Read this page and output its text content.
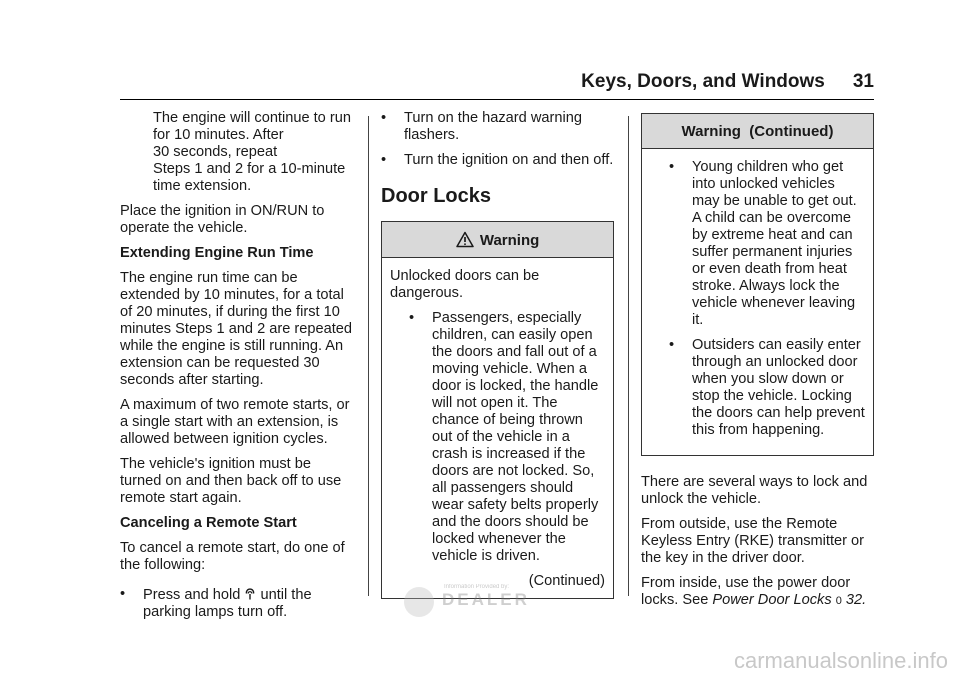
Keys, Doors, and Windows 31

The engine will continue to run
for 10 minutes. After
30 seconds, repeat
Steps 1 and 2 for a 10-minute
time extension.

Place the ignition in ON/RUN to operate the vehicle.

Extending Engine Run Time

The engine run time can be extended by 10 minutes, for a total of 20 minutes, if during the first 10 minutes Steps 1 and 2 are repeated while the engine is still running. An extension can be requested 30 seconds after starting.

A maximum of two remote starts, or a single start with an extension, is allowed between ignition cycles.

The vehicle's ignition must be turned on and then back off to use remote start again.

Canceling a Remote Start

To cancel a remote start, do one of the following:

• Press and hold until the parking lamps turn off.
• Turn on the hazard warning flashers.
• Turn the ignition on and then off.
Door Locks
Warning

Unlocked doors can be dangerous.

• Passengers, especially children, can easily open the doors and fall out of a moving vehicle. When a door is locked, the handle will not open it. The chance of being thrown out of the vehicle in a crash is increased if the doors are not locked. So, all passengers should wear safety belts properly and the doors should be locked whenever the vehicle is driven.
(Continued)
Warning  (Continued)
• Young children who get into unlocked vehicles may be unable to get out. A child can be overcome by extreme heat and can suffer permanent injuries or even death from heat stroke. Always lock the vehicle whenever leaving it.
• Outsiders can easily enter through an unlocked door when you slow down or stop the vehicle. Locking the doors can help prevent this from happening.

There are several ways to lock and unlock the vehicle.

From outside, use the Remote Keyless Entry (RKE) transmitter or the key in the driver door.

From inside, use the power door locks. See Power Door Locks 0 32.

Information Provided by:
DEALER
carmanualsonline.info
